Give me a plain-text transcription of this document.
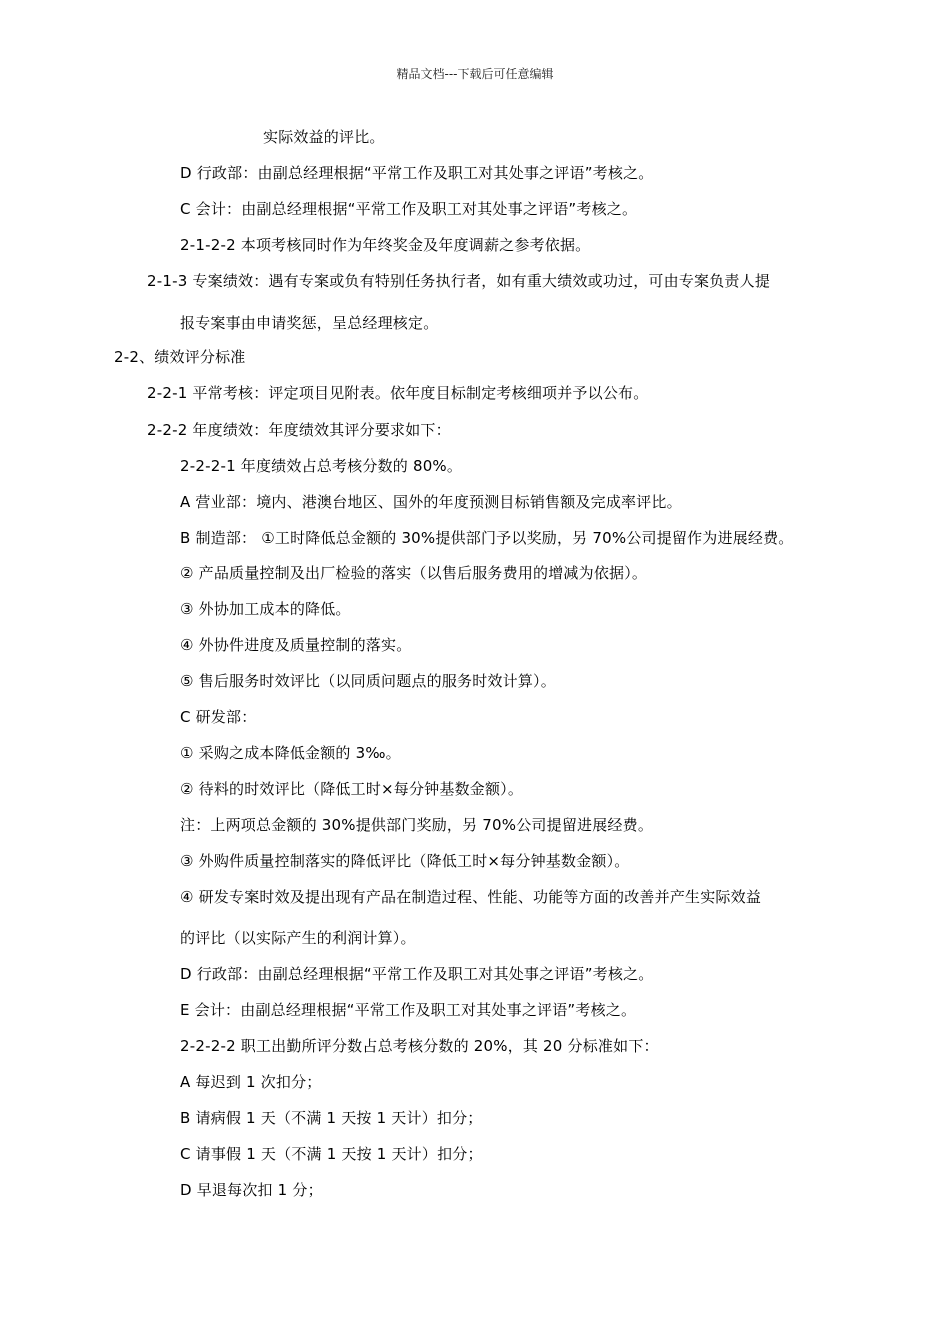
精品文档---下载后可任意编辑
实际效益的评比。
D 行政部：由副总经理根据“平常工作及职工对其处事之评语”考核之。
C 会计：由副总经理根据“平常工作及职工对其处事之评语”考核之。
2-1-2-2 本项考核同时作为年终奖金及年度调薪之参考依据。
2-1-3 专案绩效：遇有专案或负有特别任务执行者，如有重大绩效或功过，可由专案负责人提
报专案事由申请奖惩，呈总经理核定。
2-2、绩效评分标准
2-2-1 平常考核：评定项目见附表。依年度目标制定考核细项并予以公布。
2-2-2 年度绩效：年度绩效其评分要求如下：
2-2-2-1 年度绩效占总考核分数的 80%。
A 营业部：境内、港澳台地区、国外的年度预测目标销售额及完成率评比。
B 制造部： ①工时降低总金额的 30%提供部门予以奖励，另 70%公司提留作为进展经费。
② 产品质量控制及出厂检验的落实（以售后服务费用的增减为依据）。
③ 外协加工成本的降低。
④ 外协件进度及质量控制的落实。
⑤ 售后服务时效评比（以同质问题点的服务时效计算）。
C 研发部：
① 采购之成本降低金额的 3‰。
② 待料的时效评比（降低工时×每分钟基数金额）。
注：上两项总金额的 30%提供部门奖励，另 70%公司提留进展经费。
③ 外购件质量控制落实的降低评比（降低工时×每分钟基数金额）。
④ 研发专案时效及提出现有产品在制造过程、性能、功能等方面的改善并产生实际效益
的评比（以实际产生的利润计算）。
D 行政部：由副总经理根据“平常工作及职工对其处事之评语”考核之。
E 会计：由副总经理根据“平常工作及职工对其处事之评语”考核之。
2-2-2-2 职工出勤所评分数占总考核分数的 20%，其 20 分标准如下：
A 每迟到 1 次扣分；
B 请病假 1 天（不满 1 天按 1 天计）扣分；
C 请事假 1 天（不满 1 天按 1 天计）扣分；
D 早退每次扣 1 分；
